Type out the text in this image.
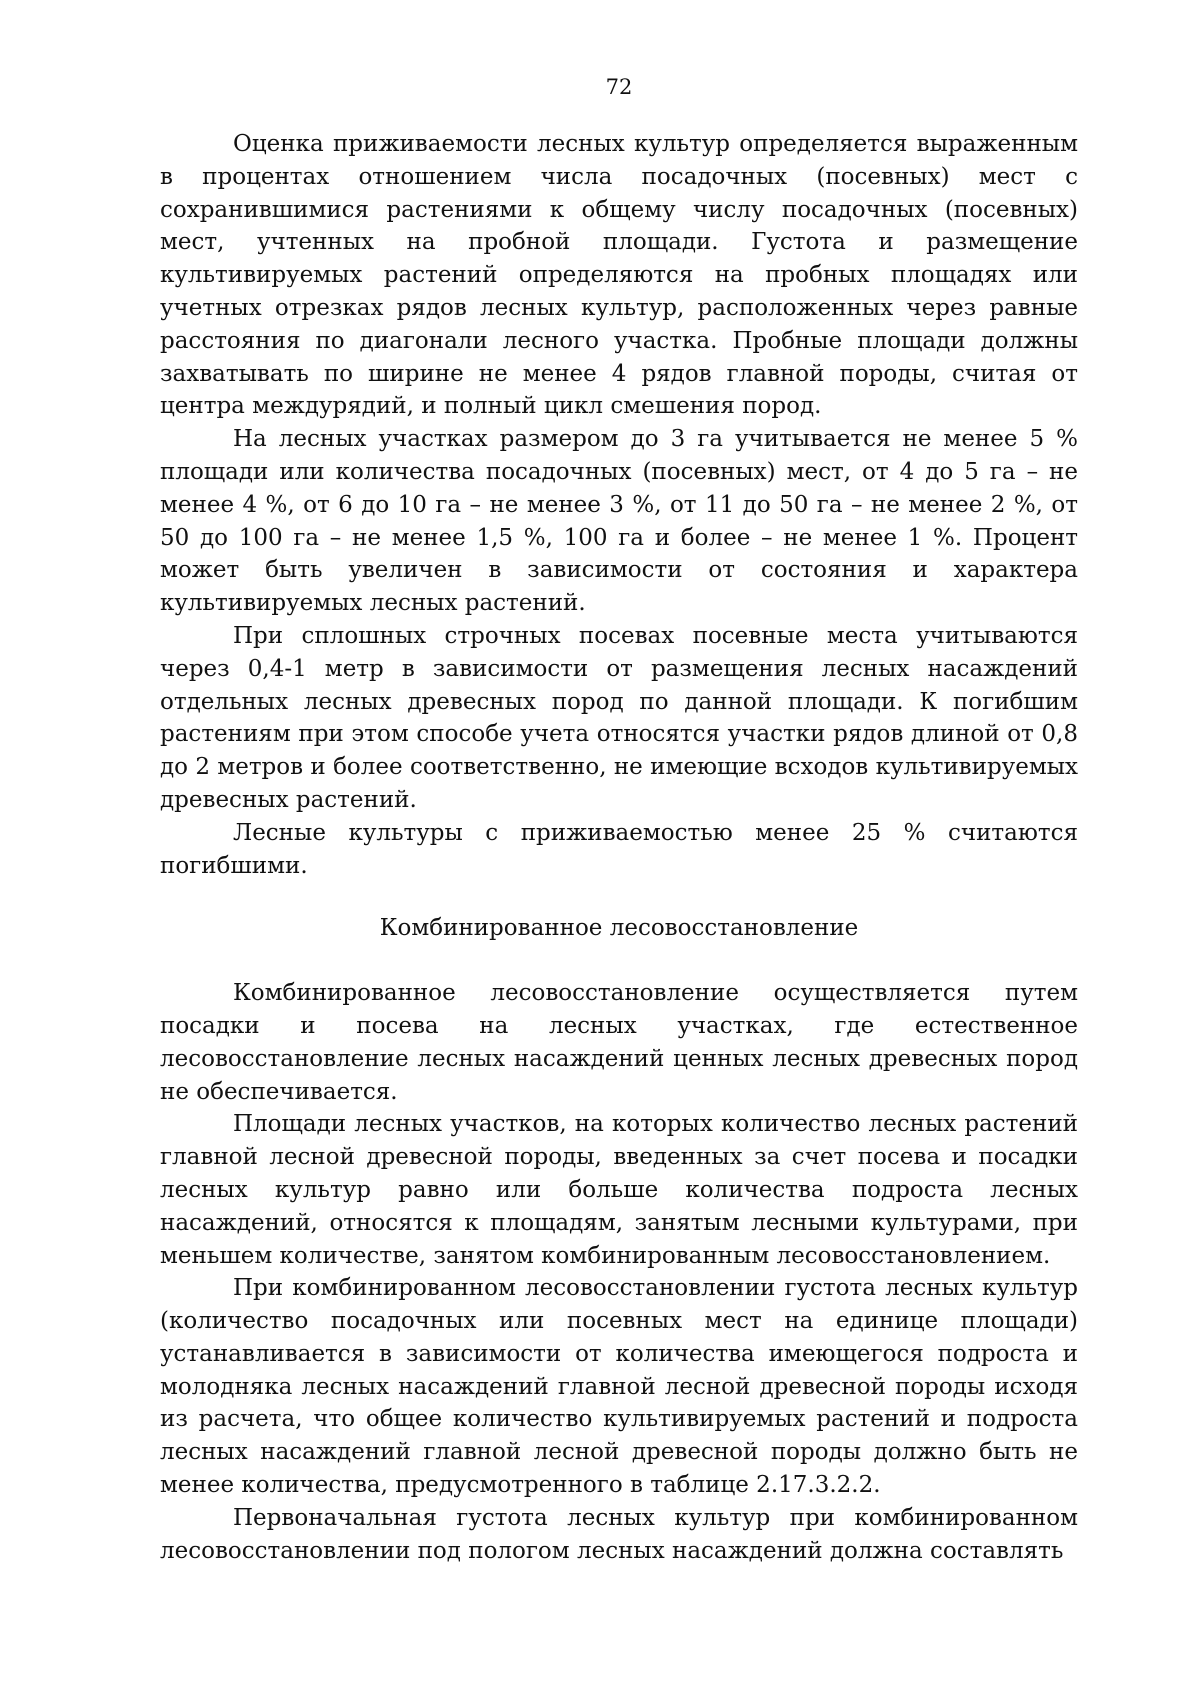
72

Оценка приживаемости лесных культур определяется выраженным в процентах отношением числа посадочных (посевных) мест с сохранившимися растениями к общему числу посадочных (посевных) мест, учтенных на пробной площади. Густота и размещение культивируемых растений определяются на пробных площадях или учетных отрезках рядов лесных культур, расположенных через равные расстояния по диагонали лесного участка. Пробные площади должны захватывать по ширине не менее 4 рядов главной породы, считая от центра междурядий, и полный цикл смешения пород.

На лесных участках размером до 3 га учитывается не менее 5 % площади или количества посадочных (посевных) мест, от 4 до 5 га – не менее 4 %, от 6 до 10 га – не менее 3 %, от 11 до 50 га – не менее 2 %, от 50 до 100 га – не менее 1,5 %, 100 га и более – не менее 1 %. Процент может быть увеличен в зависимости от состояния и характера культивируемых лесных растений.

При сплошных строчных посевах посевные места учитываются через 0,4-1 метр в зависимости от размещения лесных насаждений отдельных лесных древесных пород по данной площади. К погибшим растениям при этом способе учета относятся участки рядов длиной от 0,8 до 2 метров и более соответственно, не имеющие всходов культивируемых древесных растений.

Лесные культуры с приживаемостью менее 25 % считаются погибшими.

Комбинированное лесовосстановление

Комбинированное лесовосстановление осуществляется путем посадки и посева на лесных участках, где естественное лесовосстановление лесных насаждений ценных лесных древесных пород не обеспечивается.

Площади лесных участков, на которых количество лесных растений главной лесной древесной породы, введенных за счет посева и посадки лесных культур равно или больше количества подроста лесных насаждений, относятся к площадям, занятым лесными культурами, при меньшем количестве, занятом комбинированным лесовосстановлением.

При комбинированном лесовосстановлении густота лесных культур (количество посадочных или посевных мест на единице площади) устанавливается в зависимости от количества имеющегося подроста и молодняка лесных насаждений главной лесной древесной породы исходя из расчета, что общее количество культивируемых растений и подроста лесных насаждений главной лесной древесной породы должно быть не менее количества, предусмотренного в таблице 2.17.3.2.2.

Первоначальная густота лесных культур при комбинированном лесовосстановлении под пологом лесных насаждений должна составлять
